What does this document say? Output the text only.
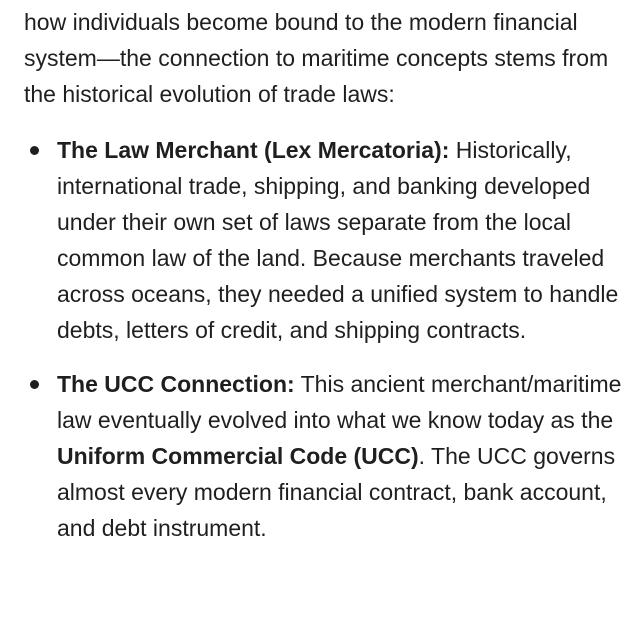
how individuals become bound to the modern financial system—the connection to maritime concepts stems from the historical evolution of trade laws:

The Law Merchant (Lex Mercatoria): Historically, international trade, shipping, and banking developed under their own set of laws separate from the local common law of the land. Because merchants traveled across oceans, they needed a unified system to handle debts, letters of credit, and shipping contracts.
The UCC Connection: This ancient merchant/maritime law eventually evolved into what we know today as the Uniform Commercial Code (UCC). The UCC governs almost every modern financial contract, bank account, and debt instrument.
